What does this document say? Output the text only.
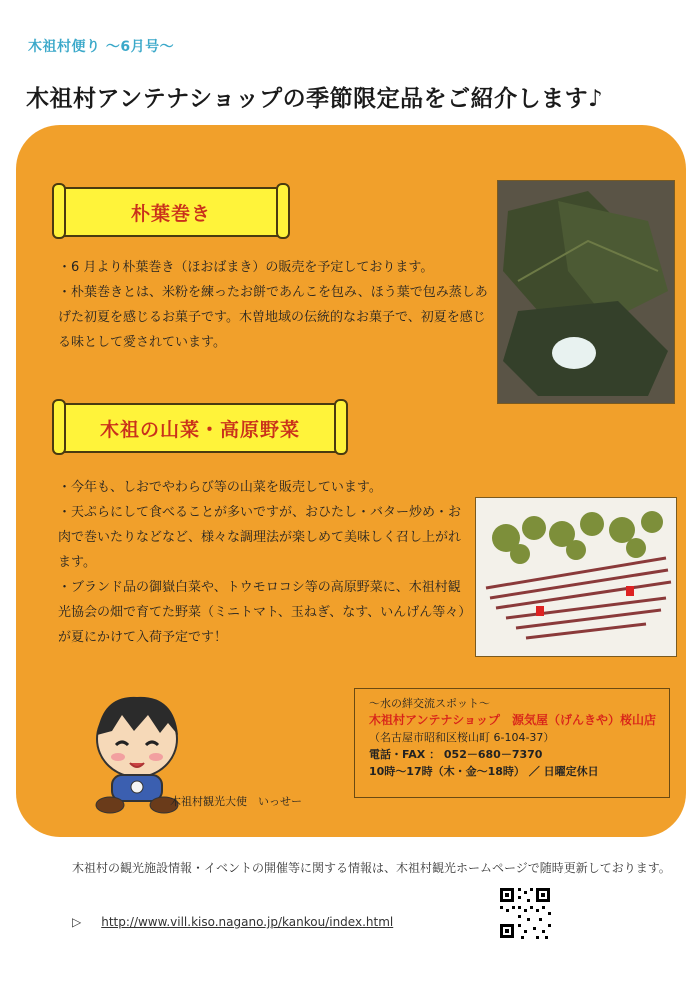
木祖村便り ～6月号～
木祖村アンテナショップの季節限定品をご紹介します♪
朴葉巻き
・6 月より朴葉巻き（ほおばまき）の販売を予定しております。
・朴葉巻きとは、米粉を練ったお餅であんこを包み、ほう葉で包み蒸しあげた初夏を感じるお菓子です。木曽地域の伝統的なお菓子で、初夏を感じる味として愛されています。
木祖の山菜・高原野菜
・今年も、しおでやわらび等の山菜を販売しています。
・天ぷらにして食べることが多いですが、おひたし・バター炒め・お肉で巻いたりなどなど、様々な調理法が楽しめて美味しく召し上がれます。
・ブランド品の御嶽白菜や、トウモロコシ等の高原野菜に、木祖村観光協会の畑で育てた野菜（ミニトマト、玉ねぎ、なす、いんげん等々）が夏にかけて入荷予定です！
木祖村観光大使　いっせー
～水の絆交流スポット～
木祖村アンテナショップ　源気屋（げんきや）桜山店
（名古屋市昭和区桜山町 6-104-37）
電話・FAX ： 052－680－7370
10時～17時（木・金～18時） ／ 日曜定休日
木祖村の観光施設情報・イベントの開催等に関する情報は、木祖村観光ホームページで随時更新しております。
▷ http://www.vill.kiso.nagano.jp/kankou/index.html
